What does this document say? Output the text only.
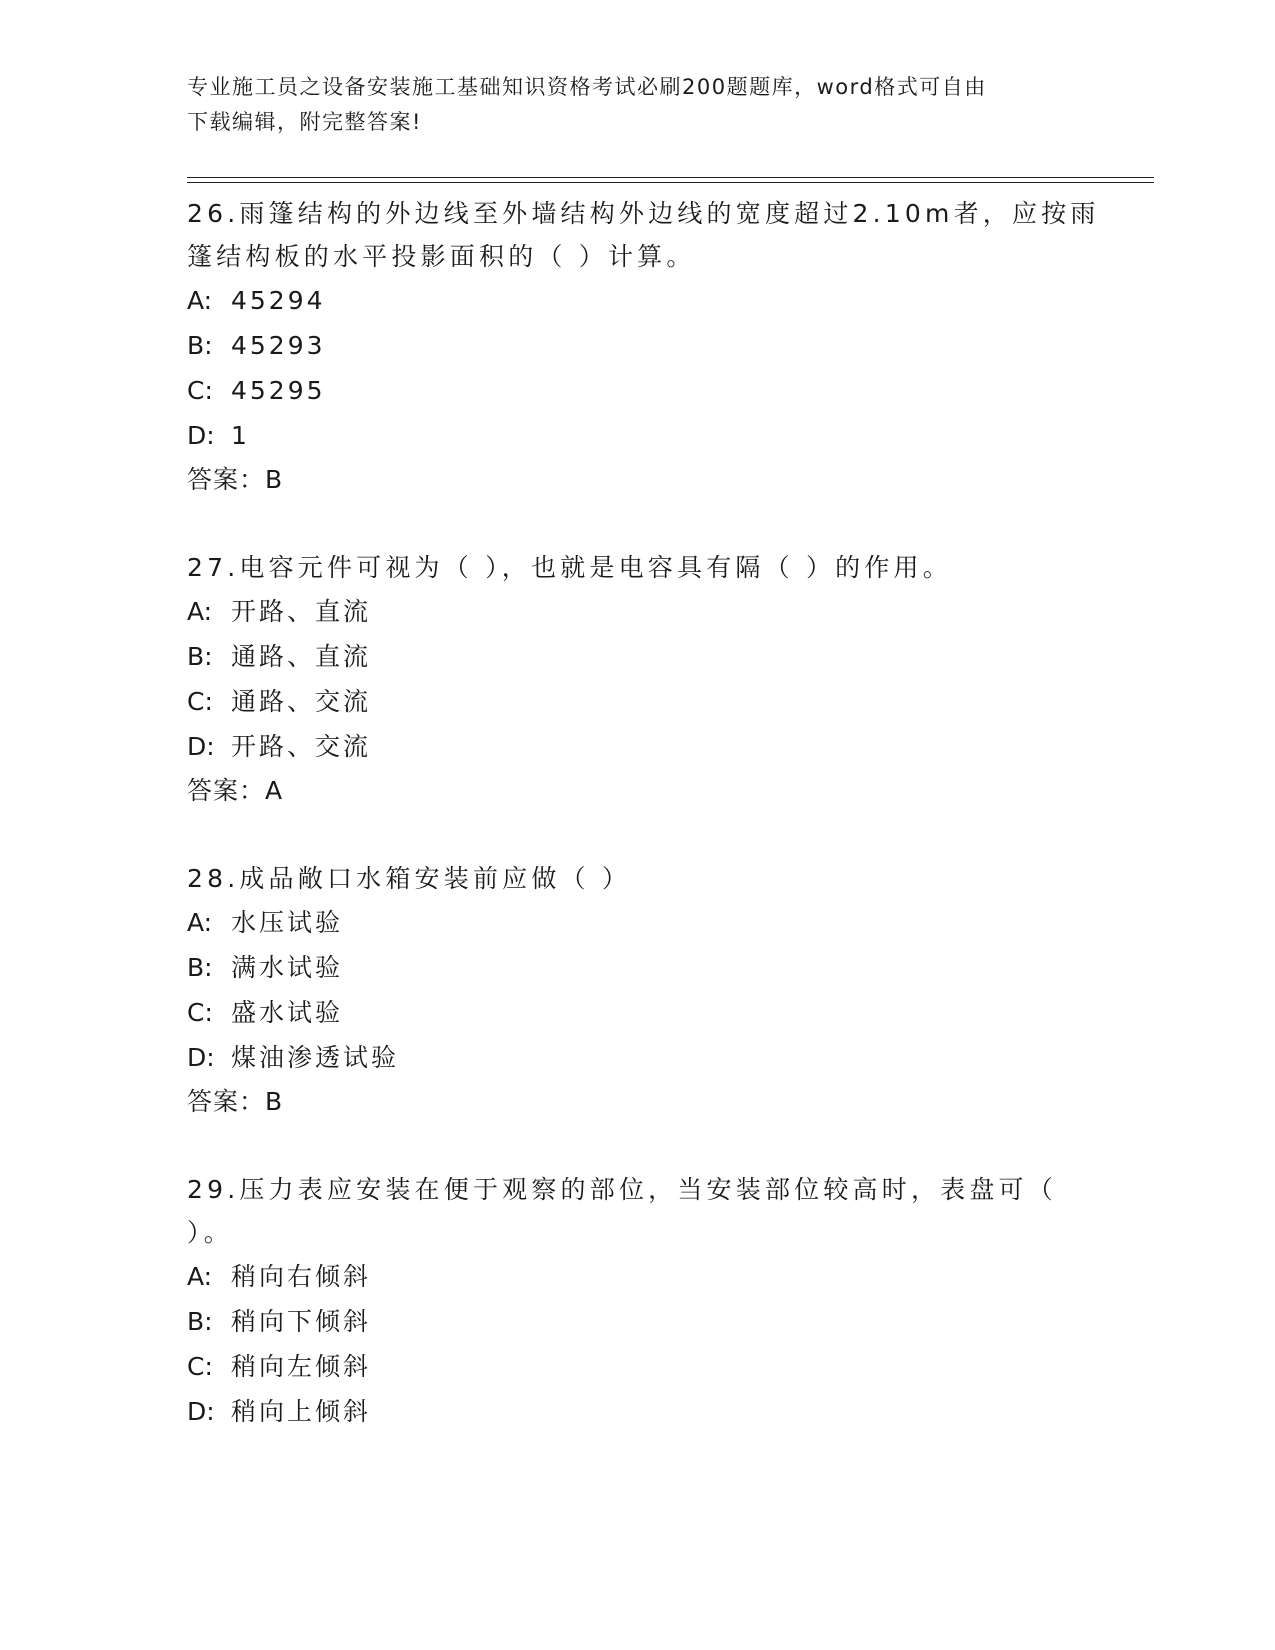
专业施工员之设备安装施工基础知识资格考试必刷200题题库，word格式可自由
下载编辑，附完整答案!
26.雨篷结构的外边线至外墙结构外边线的宽度超过2.10m者，应按雨
篷结构板的水平投影面积的（ ）计算。
A: 45294
B: 45293
C: 45295
D: 1
答案：B
27.电容元件可视为（ ），也就是电容具有隔（ ）的作用。
A: 开路、直流
B: 通路、直流
C: 通路、交流
D: 开路、交流
答案：A
28.成品敞口水箱安装前应做（ ）
A: 水压试验
B: 满水试验
C: 盛水试验
D: 煤油渗透试验
答案：B
29.压力表应安装在便于观察的部位，当安装部位较高时，表盘可（
）。
A: 稍向右倾斜
B: 稍向下倾斜
C: 稍向左倾斜
D: 稍向上倾斜
